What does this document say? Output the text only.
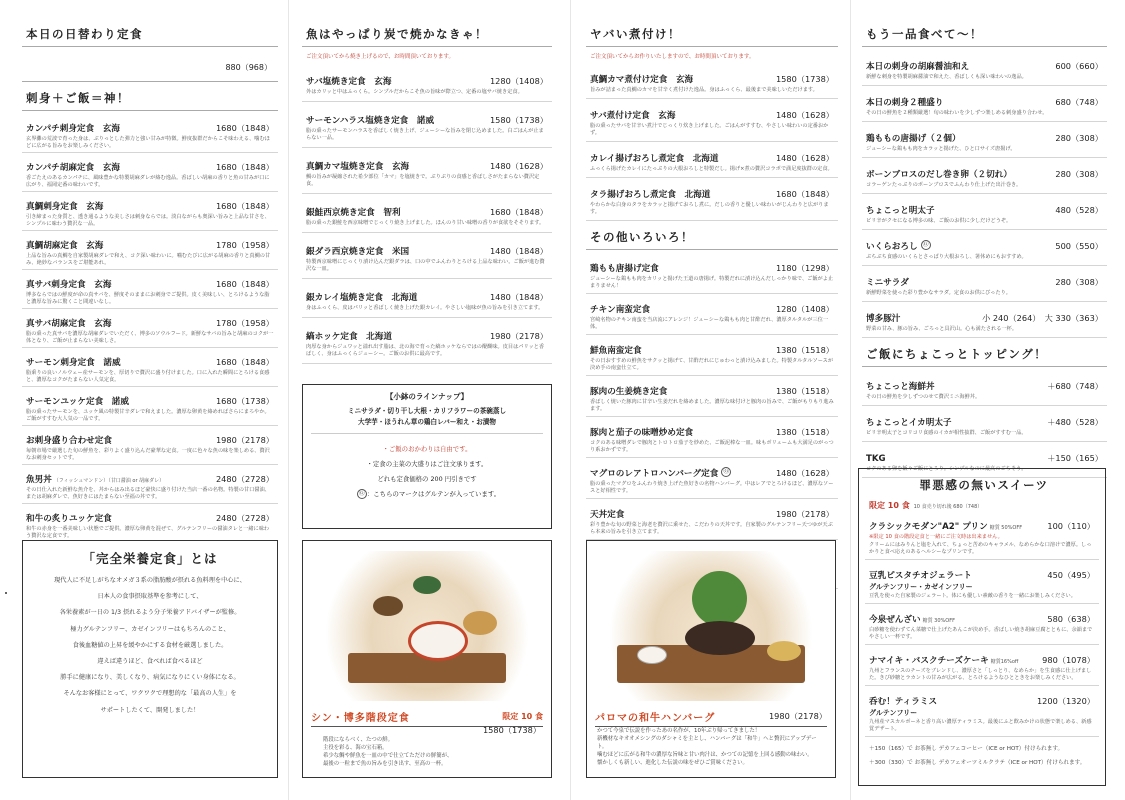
本日の日替わり定食
880（968）
刺身＋ご飯＝神！
カンパチ刺身定食　玄海	1680（1848）
玄界灘の荒波で育った身は、ぷりっとした弾力と強い甘みが特徴。鮮度抜群だからこそ味わえる、噛むほどに広がる旨みをお楽しみください。
カンパチ胡麻定食　玄海	1680（1848）
香ごたえのあるカンパチに、風味豊かな特製胡麻ダレが絡む逸品。香ばしい胡麻の香りと魚の甘みが口に広がり、福岡定番の味わいです。
真鯛刺身定食　玄海	1680（1848）
引き締まった身質と、透き通るような美しさは刺身ならでは。淡白ながらも奥深い旨みと上品な甘さを、シンプルに味わう贅沢な一品。
真鯛胡麻定食　玄海	1780（1958）
上品な旨みの真鯛を自家製胡麻ダレで和え、コク深い味わいに。噛むたびに広がる胡麻の香りと真鯛の甘み、絶妙なバランスをご堪能あれ。
真サバ刺身定食　玄海	1680（1848）
博多ならではの鮮度が命の真サバを、鮮度そのままにお刺身でご提供。皮く美味しい、とろけるような脂と濃厚な旨みに驚くこと間違いなし。
真サバ胡麻定食　玄海	1780（1958）
脂の乗った真サバを濃厚な胡麻ダレでいただく、博多のソウルフード。新鮮なサバの旨みと胡麻のコクが一体となり、ご飯が止まらない美味しさ。
サーモン刺身定食　諾威	1680（1848）
脂乗りの良いノルウェー産サーモンを、厚切りで贅沢に盛り付けました。口に入れた瞬間にとろける食感と、濃厚なコクがたまらない人気定食。
サーモンユッケ定食　諾威	1680（1738）
脂の乗ったサーモンを、ユッケ風の特製甘辛ダレで和えました。濃厚な卵黄を絡めればさらにまろやか。ご飯がすすむ大人気の一品です。
お刺身盛り合わせ定食	1980（2178）
毎朝市場で厳選した旬の鮮魚を、彩りよく盛り込んだ豪華な定食。一度に色々な魚の味を楽しめる、贅沢なお刺身セットです。
魚男丼 （フィッシュマンドン）（甘口醤油 or 胡麻ダレ）	2480（2728）
その日仕入れた新鮮な魚介を、丼からはみ出るほど豪快に盛り付けた当店一番の名物。特製の甘口醤油、または胡麻ダレで、魚好きにはたまらない至福の丼です。
和牛の炙りユッケ定食	2480（2728）
和牛の赤身を一番美味しい状態でご提供。濃厚な卵黄を混ぜて、グルテンフリーの醤油タレと一緒に味わう贅沢な定食です。
「完全栄養定食」とは
現代人に不足しがちなオメガ３系の脂肪酸が摂れる魚料理を中心に、
日本人の食事摂取基準を参考にして、
各栄養素が一日の 1/3 摂れるよう分子栄養アドバイザーが監修。
極力グルテンフリー、カゼインフリーはもちろんのこと、
食後血糖値の上昇を緩やかにする食材を厳選しました。
違えば違うほど、食べれば食べるほど
勝手に健康になり、美しくなり、病気になりにくい身体になる。
そんなお客様にとって、ワクワクで理想的な「最高の人生」を
サポートしたくて、開発しました！
魚はやっぱり炭で焼かなきゃ！
ご注文頂いてから焼き上げるので、お時間頂いております。
サバ塩焼き定食　玄海	1280（1408）
外はカリッと中はふっくら。シンプルだからこそ魚の旨味が際立つ、定番の塩サバ焼き定食。
サーモンハラス塩焼き定食　諾威	1580（1738）
脂の乗ったサーモンハラスを香ばしく焼き上げ、ジューシーな旨みを閉じ込めました。白ごはんが止まらない一品。
真鯛カマ塩焼き定食　玄海	1480（1628）
鯛の旨みが凝縮された希少部位「カマ」を塩焼きで。ぷりぷりの食感と香ばしさがたまらない贅沢定食。
銀鮭西京焼き定食　智利	1680（1848）
脂の乗った銀鮭を西京味噌でじっくり焼き上げました。ほんのり甘い味噌の香りが食欲をそそります。
銀ダラ西京焼き定食　米国	1480（1848）
特製西京味噌にじっくり漬け込んだ銀ダラは、口の中でふんわりとろける上品な味わい。ご飯が進む贅沢な一皿。
銀カレイ塩焼き定食　北海道	1480（1848）
身はふっくら、皮はパリッと香ばしく焼き上げた銀カレイ。やさしい塩味が魚の旨みを引き立てます。
縞ホッケ定食　北海道	1980（2178）
肉厚な身からジュワッと溢れ出す脂は、北の海で育った縞ホッケならではの醍醐味。皮目はパリッと香ばしく、身はふっくらジューシー。ご飯のお供に最高です。
【小鉢のラインナップ】
ミニサラダ・切り干し大根・カリフラワーの茶碗蒸し
大学芋・ほうれん草の鶏白レバー和え・お漬物
・ご飯のおかわりは自由です。
・定食の主菜の大盛りはご注文承ります。
どれも定食価格の 200 円引きです
Ⓖ ：こちらのマークはグルテンが入っています。
シン・博多階段定食	限定 10 食
1580（1738）
階段にならべく、たつの鮮。
主役を彩る、海の宝石箱。
希少な鯛や鮮魚を一皿の中で仕立てただけの鮮簡が、
最後の一粒まで魚の旨みを引き出す、至高の一杯。
ヤバい煮付け！
ご注文頂いてからお作りいたしますので、お時間頂いております。
真鯛カマ煮付け定食　玄海	1580（1738）
旨みが詰まった真鯛のカマを甘辛く煮付けた逸品。身はふっくら、最後まで美味しいただけます。
サバ煮付け定食　玄海	1480（1628）
脂の乗ったサバを甘辛い煮汁でじっくり炊き上げました。ごはんがすすむ、やさしい味わいの定番おかず。
カレイ揚げおろし煮定食　北海道	1480（1628）
ふっくら揚げたカレイにたっぷりの大根おろしと特製だし。揚げ×煮の贅沢コラボで満足度抜群の定食。
タラ揚げおろし煮定食　北海道	1680（1848）
やわらかな白身のタラをカラッと揚げておろし煮に。だしの香りと優しい味わいがじんわりと広がります。
その他いろいろ！
鶏もも唐揚げ定食	1180（1298）
ジューシーな鶏もも肉をカリッと揚げた王道の唐揚げ。特製だれに漬け込んだしっかり味で、ご飯がよ止まりません！
チキン南蛮定食	1280（1408）
宮崎名物のチキン南蛮を当店流にアレンジ！ジューシーな鶏もも肉と甘酢だれ、濃厚タルタルが三位一体。
鮮魚南蛮定食	1380（1518）
その日おすすめの鮮魚をサクッと揚げて、甘酢だれにじゅわっと漬け込みました。特製タルタルソースが決め手の南蛮仕立て。
豚肉の生姜焼き定食	1380（1518）
香ばしく焼いた豚肉に甘辛い生姜だれを絡めました。濃厚な味付けと豚肉の旨みで、ご飯がもりもり進みます。
豚肉と茄子の味噌炒め定食	1380（1518）
コクのある味噌ダレで豚肉とトロトロ茄子を炒めた、ご飯泥棒な一皿。味もボリュームも大満足のがっつり系おかずです。
マグロのレアトロハンバーグ定食 Ⓖ	1480（1628）
脂の乗ったマグロをふんわり焼き上げた魚好きの名物ハンバーグ。中はレアでとろけるほど、濃厚なソースと好相性です。
天丼定食	1980（2178）
彩り豊かな旬の野菜と海老を贅沢に乗せた、こだわりの天丼です。自家製のグルテンフリー天つゆが天ぷら本来の旨みを引き立てます。
パロマの和牛ハンバーグ	1980（2178）
かつて今泉で伝説を作ったあの名作が、10年ぶり帰ってきました！
新機材なキオオメシングのダシャミを主とし、ハンバーグは「和牛」へと贅沢にアップデート。
噛むほどに広がる和牛の濃厚な旨味と甘い肉汁は、かつての記憶を上回る感動の味わい。
懐かしくも新しい、進化した伝説の味をぜひご賞味ください。
もう一品食べて～！
本日の刺身の胡麻醤油和え	600（660）
新鮮な刺身を特製胡麻醤油で和えた、香ばしくも深い味わいの逸品。
本日の刺身２種盛り	680（748）
その日の鮮魚を２種類厳選！旬の味わいを少しずつ楽しめる刺身盛り合わせ。
鶏ももの唐揚げ（２個）	280（308）
ジューシーな鶏もも肉をカラッと揚げた、ひと口サイズ唐揚げ。
ボーンブロスのだし巻き卵（２切れ）	280（308）
コラーゲンたっぷりのボーンブロスでふんわり仕上げた出汁巻き。
ちょこっと明太子	480（528）
ピリ辛がクセになる博多の味、ご飯のお供に少しだけどうぞ。
いくらおろし Ⓖ	500（550）
ぷちぷち食感のいくらとさっぱり大根おろし、箸休めにもおすすめ。
ミニサラダ	280（308）
新鮮野菜を使った彩り豊かなサラダ。定食のお供にぴったり。
博多豚汁	小 240（264）　大 330（363）
野菜の甘み、豚の旨み、ごろっと具沢山。心も満たされる一杯。
ご飯にちょこっとトッピング！
ちょこっと海鮮丼	＋680（748）
その日の鮮魚を少しずつのせて贅沢ミニ海鮮丼。
ちょこっとイカ明太子	＋480（528）
ピリ辛明太子とコリコリ食感のイカが相性抜群、ご飯がすすむ一品。
TKG	＋150（165）
コクのある卵を飯々ご飯にとろり。シンプルなのに最高のごちそう。
罪悪感の無いスイーツ
限定 10 食 10 食売り切れ後 680（748）
クラシックモダン"A2" プリン 糖質 50%OFF	100（110）
※限定 10 食の階段定食と一緒にご注文時は出来ません。
クリームにはみりんと塩を入れて、ちょっと苦めのキャラメル、なめらかな口溶けで濃厚。しっかりと食べ応えのあるヘルシーなプリンです。
豆乳ピスタチオジェラート	450（495）
グルテンフリー・カゼインフリー
豆乳を使った自家製のジェラート。体にも優しい素敵の香りを一緒にお楽しみください。
今泉ぜんざい 糖質 30%OFF	580（638）
白砂糖を使わずてん菜糖で仕上げたあんこが決め手。香ばしい焼き胡麻豆腐とともに、余韻までやさしい一杯です。
ナマイキ・バスクチーズケーキ 糖質16%off	980（1078）
九州とフランスのチーズをブレンドし、濃厚さと「しっとり、なめらか」を生食感に仕上げました。きび砂糖とラカントの甘みが広がる、とろけるようなひとときをお楽しみください。
呑む！ティラミス	1200（1320）
グルテンフリー
九州産マスカルポーネと香り高い濃厚ティラミス。最後にふと飲みかけの状態で楽しめる、新感覚デザート。
＋150（165）で お茶無し デカフェコーヒー（ICE or HOT）付けられます。
＋300（330）で お茶無し デカフェオーツミルクラテ（ICE or HOT）付けられます。
